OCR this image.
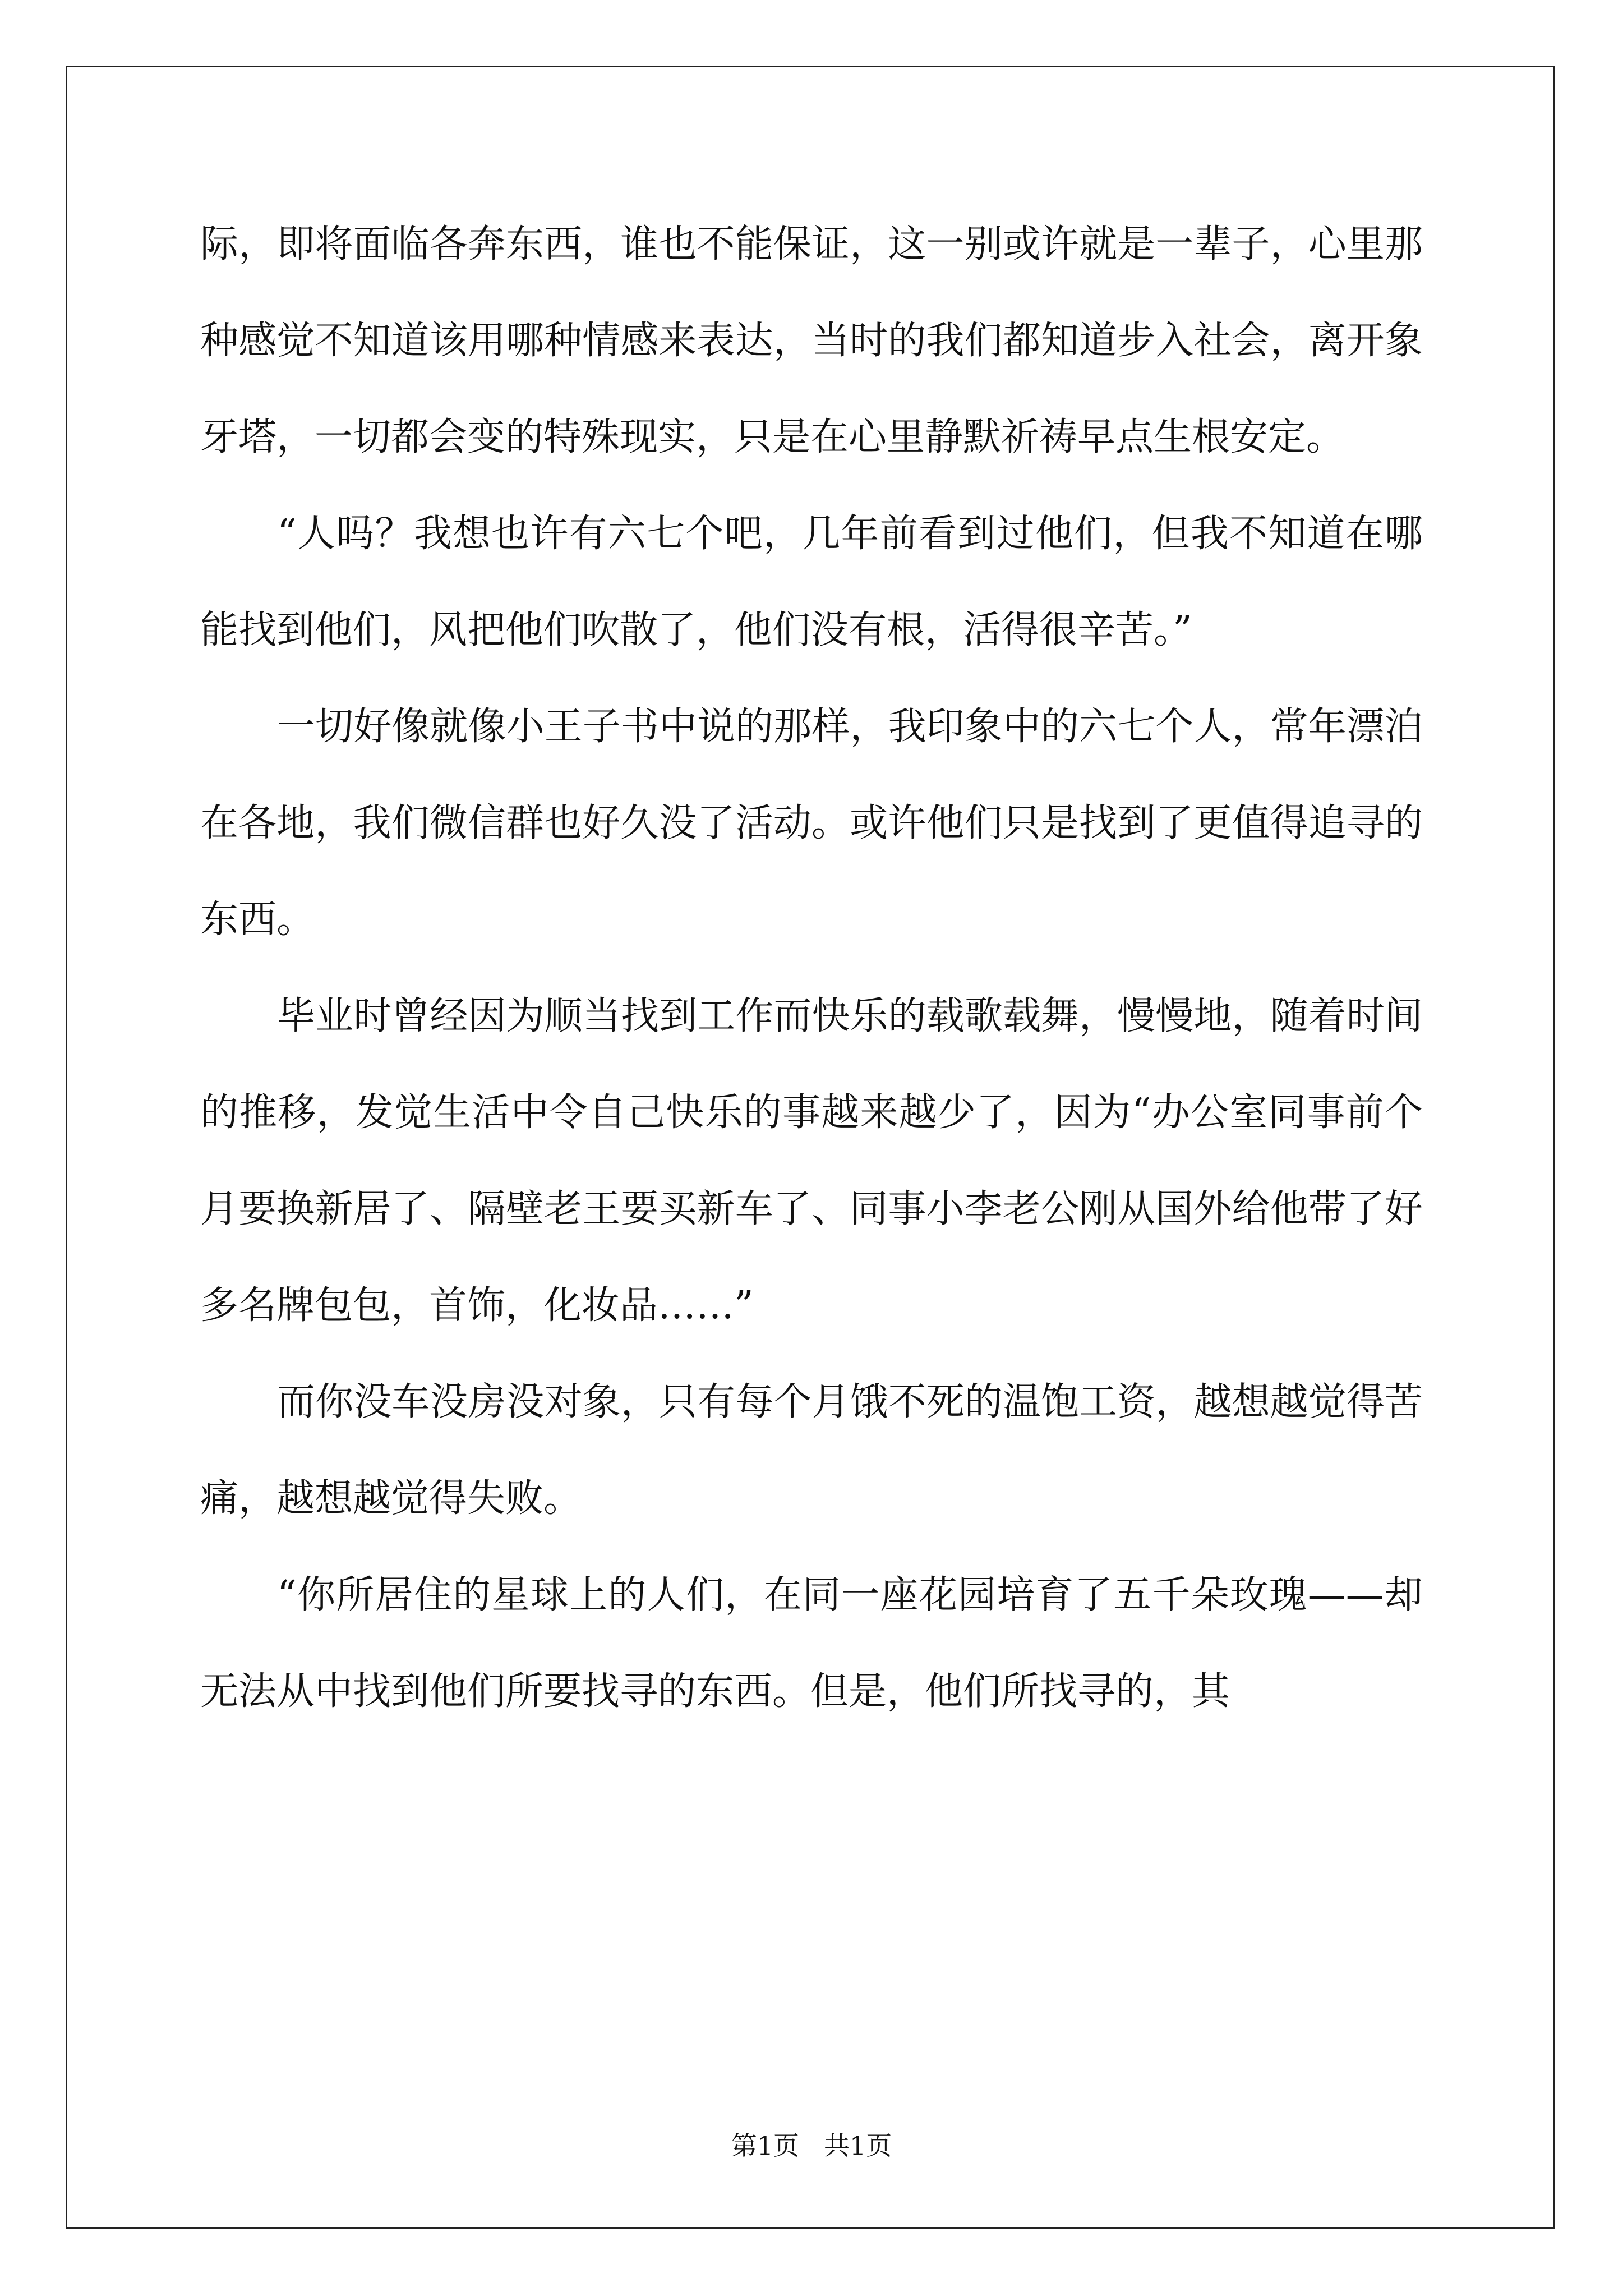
际，即将面临各奔东西，谁也不能保证，这一别或许就是一辈子，心里那种感觉不知道该用哪种情感来表达，当时的我们都知道步入社会，离开象牙塔，一切都会变的特殊现实，只是在心里静默祈祷早点生根安定。

“人吗？我想也许有六七个吧，几年前看到过他们，但我不知道在哪能找到他们，风把他们吹散了，他们没有根，活得很辛苦。”

一切好像就像小王子书中说的那样，我印象中的六七个人，常年漂泊在各地，我们微信群也好久没了活动。或许他们只是找到了更值得追寻的东西。

毕业时曾经因为顺当找到工作而快乐的载歌载舞，慢慢地，随着时间的推移，发觉生活中令自己快乐的事越来越少了，因为“办公室同事前个月要换新居了、隔壁老王要买新车了、同事小李老公刚从国外给他带了好多名牌包包，首饰，化妆品……”

而你没车没房没对象，只有每个月饿不死的温饱工资，越想越觉得苦痛，越想越觉得失败。

“你所居住的星球上的人们，在同一座花园培育了五千朵玫瑰——却无法从中找到他们所要找寻的东西。但是，他们所找寻的，其

第1页 共1页
